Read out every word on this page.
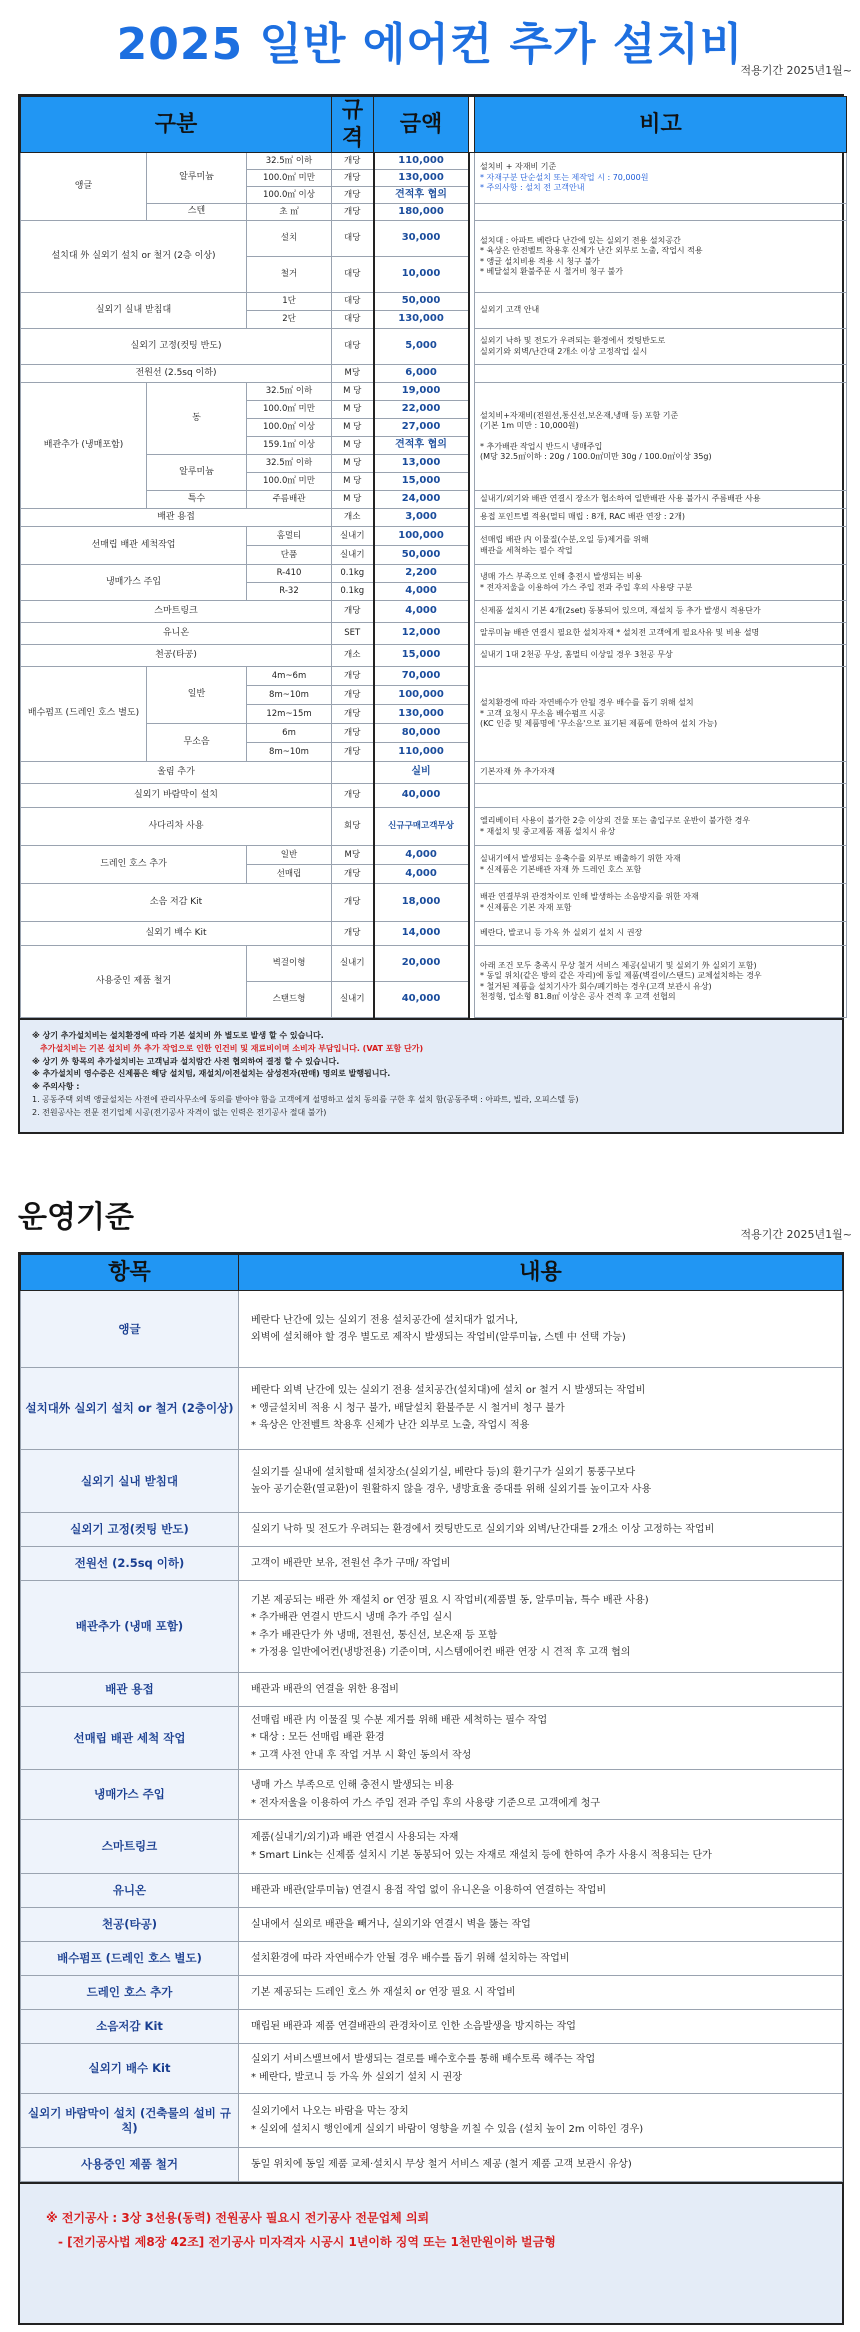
2025 일반 에어컨 추가 설치비
적용기간 2025년1월~
구분			규격	금액		비고
앵글	알루미늄	32.5㎡ 이하	개당	110,000		설치비 + 자재비 기준
* 자재구분 단순설치 또는 제작업 시 : 70,000원
* 주의사항 : 설치 전 고객안내

		100.0㎡ 미만	개당	130,000		
		100.0㎡ 이상	개당	견적후 협의		
	스텐	초 ㎡	개당	180,000		
설치대 外 실외기 설치 or 철거 (2층 이상)		설치	대당	30,000		설치대 : 아파트 베란다 난간에 있는 실외기 전용 설치공간
* 육상은 안전벨트 착용후 신체가 난간 외부로 노출, 작업시 적용
* 앵글 설치비용 적용 시 청구 불가
* 베달설치 환불주문 시 철거비 청구 불가

		철거	대당	10,000		
실외기 실내 받침대		1단	대당	50,000		실외기 고객 안내
		2단	대당	130,000		
실외기 고정(컷팅 반도)			대당	5,000		실외기 낙하 및 전도가 우려되는 환경에서 컷팅반도로
실외기와 외벽/난간대 2개소 이상 고정작업 실시

전원선 (2.5sq 이하)			M당	6,000		
배관추가 (냉매포함)	동	32.5㎡ 이하	M 당	19,000		설치비+자재비(전원선,통신선,보온재,냉매 등) 포함 기준
(기본 1m 미만 : 10,000원)

* 추가배관 작업시 반드시 냉매주입
(M당 32.5㎡이하 : 20g / 100.0㎡미만 30g / 100.0㎡이상 35g)

		100.0㎡ 미만	M 당	22,000		
		100.0㎡ 이상	M 당	27,000		
		159.1㎡ 이상	M 당	견적후 협의		
	알루미늄	32.5㎡ 이하	M 당	13,000		
		100.0㎡ 미만	M 당	15,000		
	특수	주름배관	M 당	24,000		실내기/외기와 배관 연결시 장소가 협소하여 일반배관 사용 불가시 주름배관 사용
배관 용접			개소	3,000		용접 포인트별 적용(멀티 매립 : 8개, RAC 배관 연장 : 2개)
선매립 배관 세척작업		홈멀티	실내기	100,000		선매립 배관 内 이물질(수분,오일 등)제거를 위해
배관을 세척하는 필수 작업

		단품	실내기	50,000		
냉매가스 주입		R-410	0.1kg	2,200		냉매 가스 부족으로 인해 충전시 발생되는 비용
* 전자저울을 이용하여 가스 주입 전과 주입 후의 사용량 구분

		R-32	0.1kg	4,000		
스마트링크			개당	4,000		신제품 설치시 기본 4개(2set) 동봉되어 있으며, 재설치 등 추가 발생시 적용단가
유니온			SET	12,000		알루미늄 배관 연결시 필요한 설치자재 * 설치전 고객에게 필요사유 및 비용 설명
천공(타공)			개소	15,000		실내기 1대 2천공 무상, 홈멀티 이상일 경우 3천공 무상
배수펌프 (드레인 호스 별도)	일반	4m~6m	개당	70,000		설치환경에 따라 자연배수가 안될 경우 배수를 돕기 위해 설치
* 고객 요청시 무소음 배수펌프 시공
(KC 인증 및 제품명에 '무소음'으로 표기된 제품에 한하여 설치 가능)

		8m~10m	개당	100,000		
		12m~15m	개당	130,000		
	무소음	6m	개당	80,000		
		8m~10m	개당	110,000		
올림 추가				실비		기본자재 外 추가자재
실외기 바람막이 설치			개당	40,000		
사다리차 사용			회당	신규구매고객무상		엘리베이터 사용이 불가한 2층 이상의 건물 또는 출입구로 운반이 불가한 경우
* 재설치 및 중고제품 재품 설치시 유상

드레인 호스 추가		일반	M당	4,000		실내기에서 발생되는 응축수를 외부로 배출하기 위한 자재
* 신제품은 기본배관 자재 外 드레인 호스 포함

		선매립	개당	4,000		
소음 저감 Kit			개당	18,000		배관 연결부위 관경차이로 인해 발생하는 소음방지를 위한 자재
* 신제품은 기본 자재 포함

실외기 배수 Kit			개당	14,000		베란다, 발코니 등 가옥 外 실외기 설치 시 권장
사용중인 제품 철거		벽걸이형	실내기	20,000		아래 조건 모두 충족시 무상 철거 서비스 제공(실내기 및 실외기 外 실외기 포함)
* 동일 위치(같은 방의 같은 자리)에 동일 제품(벽걸이/스탠드) 교체설치하는 경우
* 철거된 제품을 설치기사가 회수/폐기하는 경우(고객 보관시 유상)
천정형, 업소형 81.8㎡ 이상은 공사 견적 후 고객 선협의

		스탠드형	실내기	40,000		
※ 상기 추가설치비는 설치환경에 따라 기본 설치비 外 별도로 발생 할 수 있습니다.
추가설치비는 기본 설치비 外 추가 작업으로 인한 인건비 및 재료비이며 소비자 부담입니다. (VAT 포함 단가)
※ 상기 外 항목의 추가설치비는 고객님과 설치람간 사전 협의하여 결정 할 수 있습니다.
※ 추가설치비 영수증은 신제품은 해당 설치팀, 재설치/이전설치는 삼성전자(판매) 명의로 발행됩니다.
※ 주의사항 :
1. 공동주택 외벽 앵글설치는 사전에 관리사무소에 동의를 받아야 함을 고객에게 설명하고 설치 동의를 구한 후 설치 함(공동주택 : 아파트, 빌라, 오피스텔 등)
2. 전원공사는 전문 전기업체 시공(전기공사 자격이 없는 인력은 전기공사 절대 불가)
운영기준	적용기간 2025년1월~
항목	내용
앵글	베란다 난간에 있는 실외기 전용 설치공간에 설치대가 없거나,
외벽에 설치해야 할 경우 별도로 제작시 발생되는 작업비(알루미늄, 스텐 中 선택 가능)

설치대外 실외기 설치 or 철거 (2층이상)	베란다 외벽 난간에 있는 실외기 전용 설치공간(설치대)에 설치 or 철거 시 발생되는 작업비
* 앵글설치비 적용 시 청구 불가, 배달설치 환불주문 시 철거비 청구 불가
* 육상은 안전벨트 착용후 신체가 난간 외부로 노출, 작업시 적용

실외기 실내 받침대	실외기를 실내에 설치할때 설치장소(실외기실, 베란다 등)의 환기구가 실외기 통풍구보다
높아 공기순환(열교환)이 원활하지 않을 경우, 냉방효율 증대를 위해 실외기를 높이고자 사용

실외기 고정(컷팅 반도)	실외기 낙하 및 전도가 우려되는 환경에서 컷팅반도로 실외기와 외벽/난간대를 2개소 이상 고정하는 작업비

전원선 (2.5sq 이하)	고객이 배관만 보유, 전원선 추가 구매/ 작업비

배관추가 (냉매 포함)	기본 제공되는 배관 外 재설치 or 연장 필요 시 작업비(제품별 동, 알루미늄, 특수 배관 사용)
* 추가배관 연결시 반드시 냉매 추가 주입 실시
* 추가 배관단가 外 냉매, 전원선, 통신선, 보온재 등 포함
* 가정용 일반에어컨(냉방전용) 기준이며, 시스템에어컨 배관 연장 시 견적 후 고객 협의

배관 용접	배관과 배관의 연결을 위한 용접비

선매립 배관 세척 작업	선매립 배관 内 이물질 및 수분 제거를 위해 배관 세척하는 필수 작업
* 대상 : 모든 선매립 배관 환경
* 고객 사전 안내 후 작업 거부 시 확인 동의서 작성

냉매가스 주입	냉매 가스 부족으로 인해 충전시 발생되는 비용
* 전자저울을 이용하여 가스 주입 전과 주입 후의 사용량 기준으로 고객에게 청구

스마트링크	제품(실내기/외기)과 배관 연결시 사용되는 자재
* Smart Link는 신제품 설치시 기본 동봉되어 있는 자재로 재설치 등에 한하여 추가 사용시 적용되는 단가

유니온	배관과 배관(알루미늄) 연결시 용접 작업 없이 유니온을 이용하여 연결하는 작업비

천공(타공)	실내에서 실외로 배관을 빼거나, 실외기와 연결시 벽을 뚫는 작업

배수펌프 (드레인 호스 별도)	설치환경에 따라 자연배수가 안될 경우 배수를 돕기 위해 설치하는 작업비

드레인 호스 추가	기본 제공되는 드레인 호스 外 재설치 or 연장 필요 시 작업비

소음저감 Kit	매립된 배관과 제품 연결배관의 관경차이로 인한 소음발생을 방지하는 작업

실외기 배수 Kit	실외기 서비스밸브에서 발생되는 결로를 배수호수를 통해 배수토록 해주는 작업
* 베란다, 발코니 등 가옥 外 실외기 설치 시 권장

실외기 바람막이 설치 (건축물의 설비 규칙)	실외기에서 나오는 바람을 막는 장치
* 실외에 설치시 행인에게 실외기 바람이 영향을 끼칠 수 있음 (설치 높이 2m 이하인 경우)

사용중인 제품 철거	동일 위치에 동일 제품 교체·설치시 무상 철거 서비스 제공 (철거 제품 고객 보관시 유상)
※ 전기공사 : 3상 3선용(동력) 전원공사 필요시 전기공사 전문업체 의뢰
- [전기공사법 제8장 42조] 전기공사 미자격자 시공시 1년이하 징역 또는 1천만원이하 벌금형
